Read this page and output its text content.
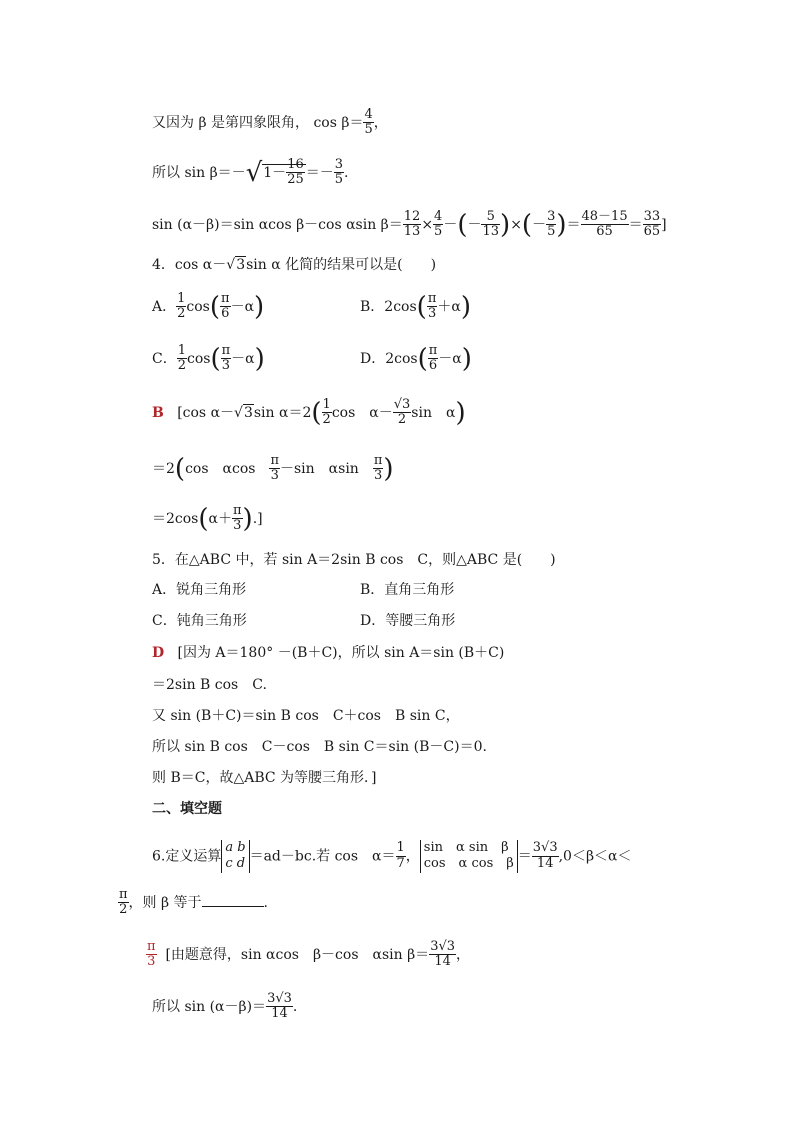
又因为 β 是第四象限角， $\cos \beta= \frac{4}{5}$ ，
所以 $\sin \beta=-√1- \frac{16}{25} =- \frac{3}{5}$ .
sin (α－β)＝sin αcos β－cos αsin $\beta= \frac{12}{13} \times \frac{4}{5}$ －(－ $\frac{5}{13}$ )×(－ $\frac{3}{5}$ )＝ $\frac{48-15}{65} = \frac{33}{65}$ ]
4．cos α－√3sin α 化简的结果可以是(　　)
A． $\frac{1}{2} \cos( \frac{\pi}{6} -\alpha)$	B．$2\cos( \frac{\pi}{3} +\alpha)$
C． $\frac{1}{2} \cos( \frac{\pi}{3} -\alpha)$	D．$2\cos( \frac{\pi}{6} -\alpha)$
B [cos α－√3sin $\alpha=2( \frac{1}{2}$ cos　$\alpha- \frac{√3}{2}$ sin　α)
＝2(cos　αcos　 $\frac{\pi}{3} -\sin$　αsin　 $\frac{\pi}{3}$ )
$=2\cos(\alpha+ \frac{\pi}{3}$ ).]
5．在△ABC 中，若 sin A＝2sin B cos　C，则△ABC 是(　　)
A．锐角三角形	B．直角三角形
C．钝角三角形	D．等腰三角形
D [因为 A＝180° －(B＋C)，所以 sin A＝sin (B＋C)
＝2sin B cos　C.
又 sin (B＋C)＝sin B cos　C＋cos　B sin C，
所以 sin B cos　C－cos　B sin C＝sin (B－C)＝0.
则 B＝C，故△ABC 为等腰三角形．]
二、填空题
6.定义运算
a b
c d ＝ad－bc.若 cos　$\alpha= \frac{1}{7}$ ，
sin　α sin　β
cos　α cos　$\beta = \frac{3√3}{14} ,0<\beta<\alpha<$
$\frac{\pi}{2}$ ，则 β 等于	.
$\frac{\pi}{3}$ [由题意得，sin αcos　β－cos　αsin $\beta= \frac{3√3}{14}$ ，
所以 $\sin (\alpha-\beta)= \frac{3√3}{14}$ .
